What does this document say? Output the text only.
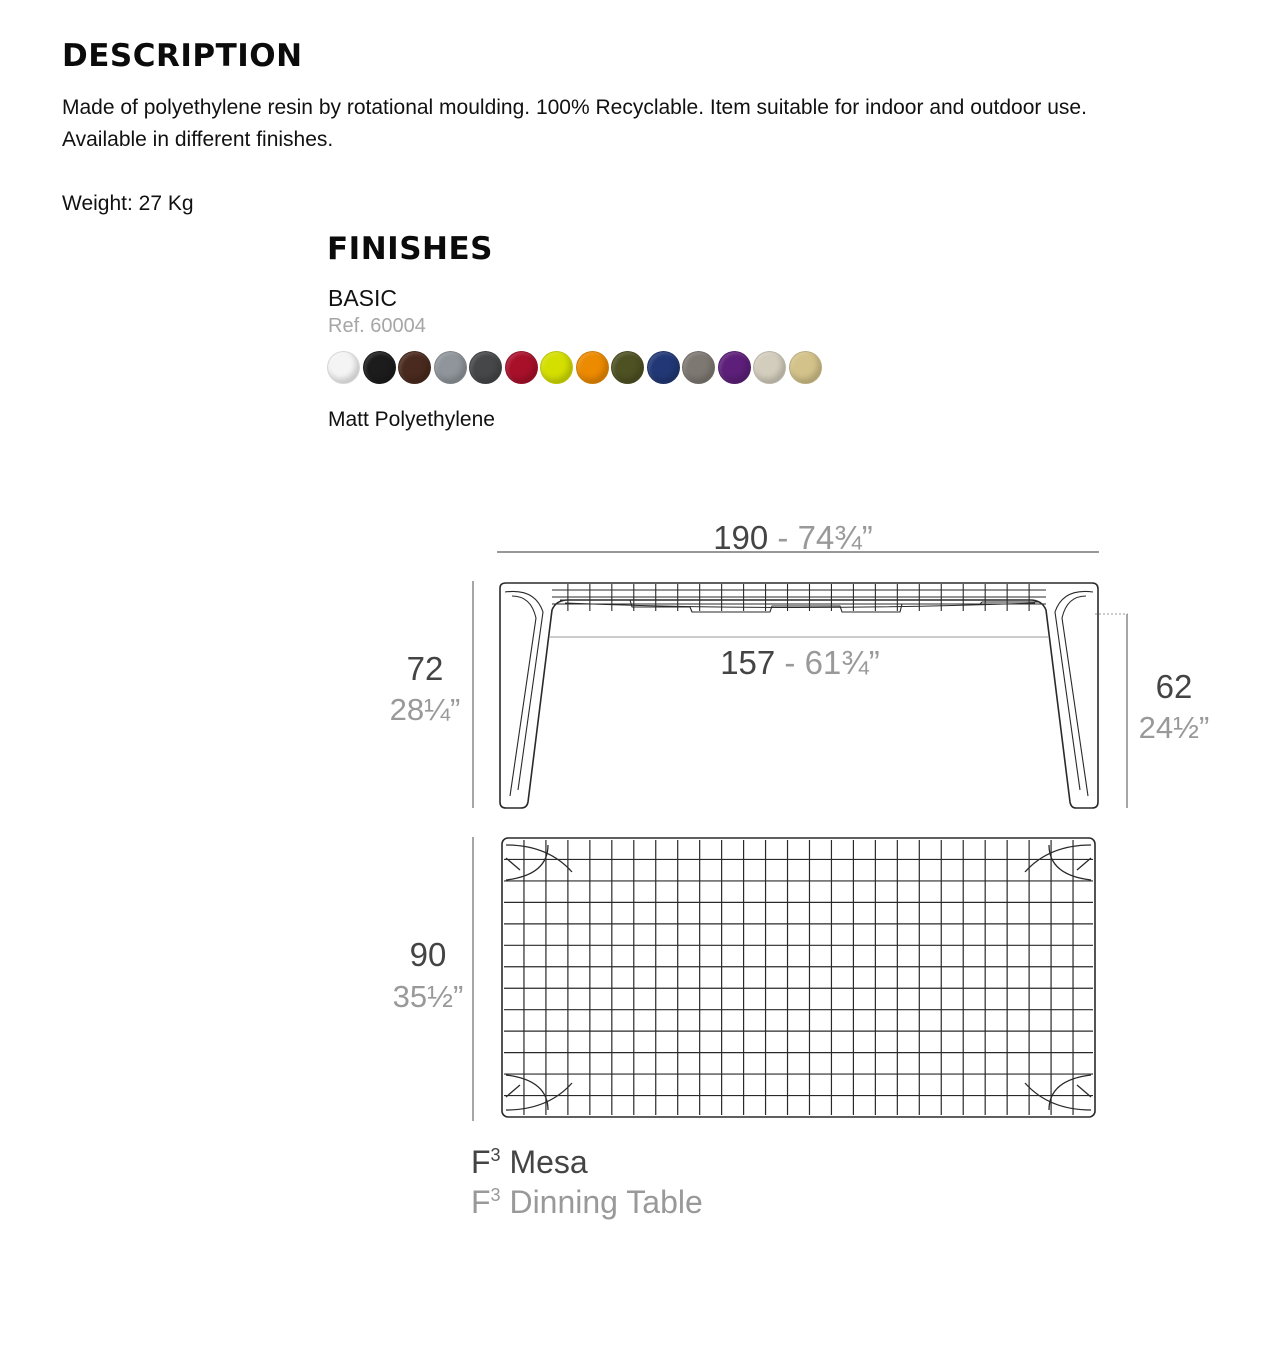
DESCRIPTION

Made of polyethylene resin by rotational moulding. 100% Recyclable. Item suitable for indoor and outdoor use. Available in different finishes.

Weight: 27 Kg

FINISHES

BASIC

Ref. 60004

Matt Polyethylene

190 - 74¾”
72
28¼”
62
24½”
157 - 61¾”
90
35½”
$F^3$ Mesa
$F^3$ Dinning Table
